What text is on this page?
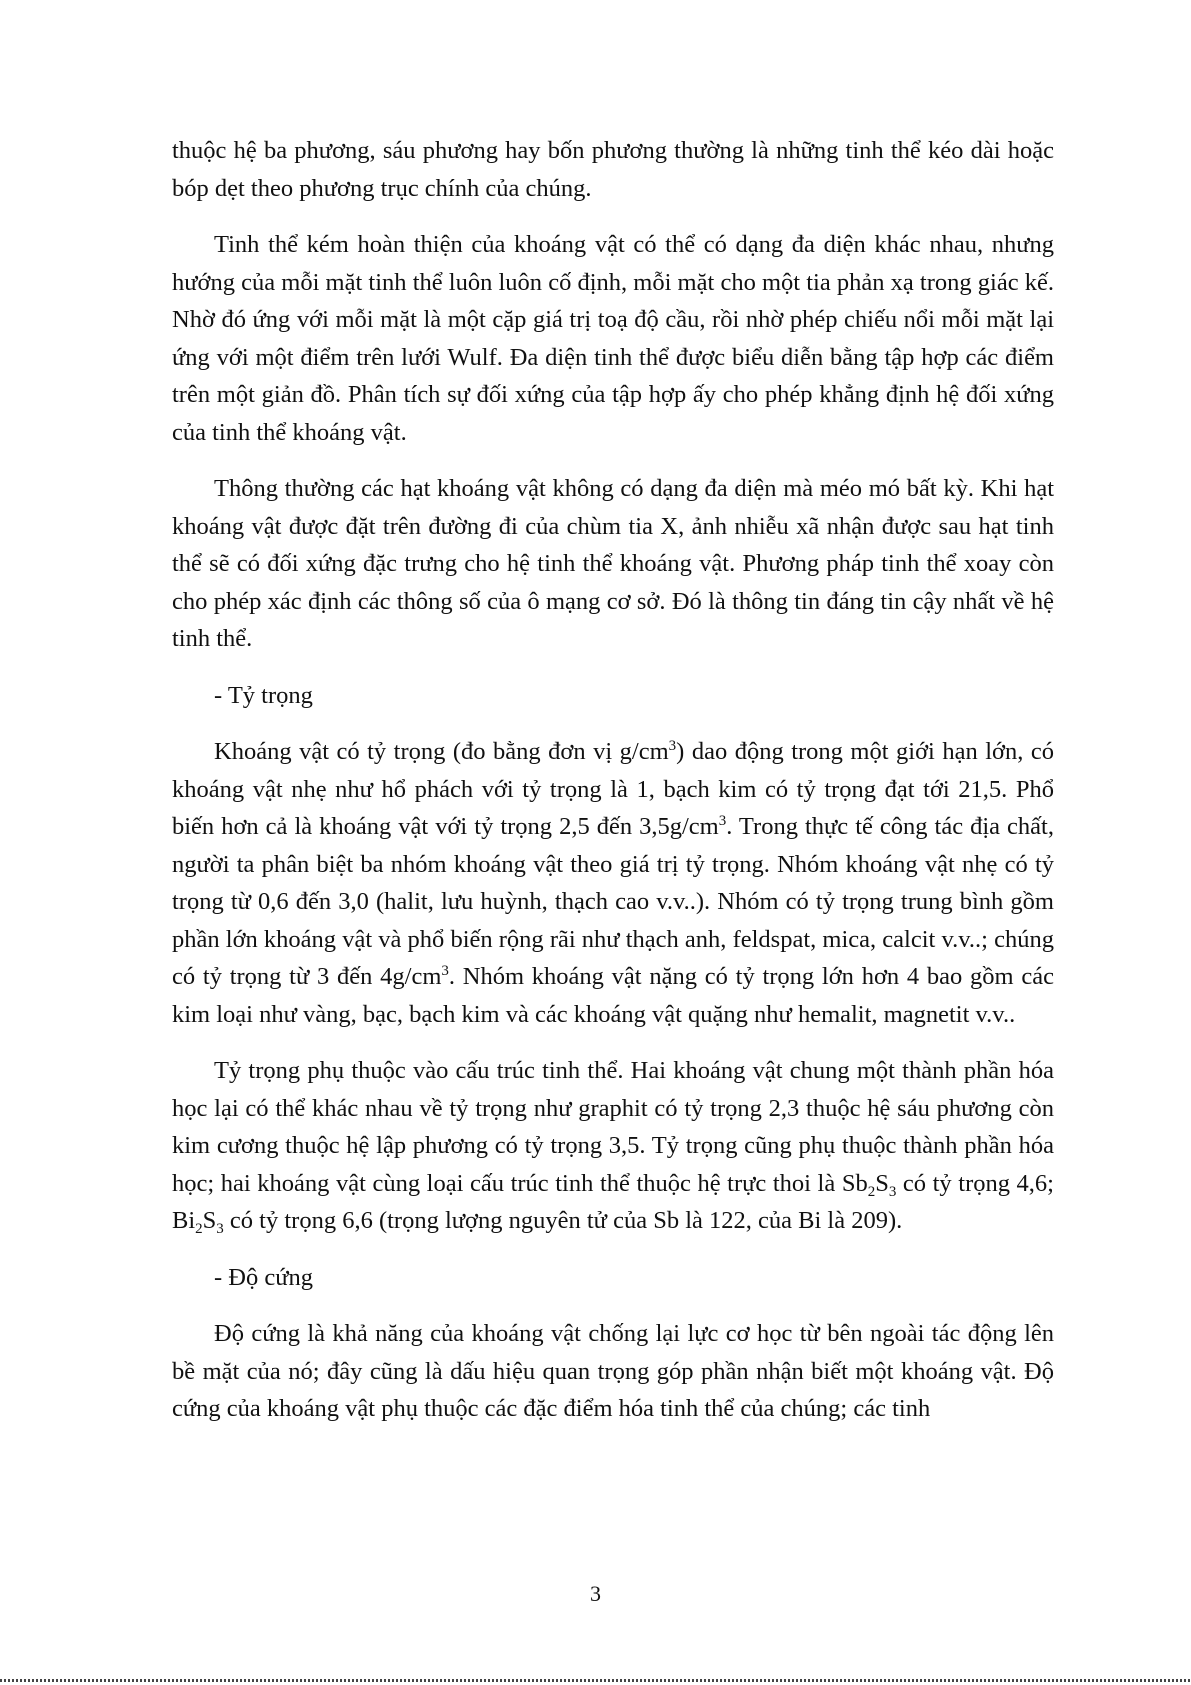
thuộc hệ ba phương, sáu phương hay bốn phương thường là những tinh thể kéo dài hoặc bóp dẹt theo phương trục chính của chúng.

Tinh thể kém hoàn thiện của khoáng vật có thể có dạng đa diện khác nhau, nhưng hướng của mỗi mặt tinh thể luôn luôn cố định, mỗi mặt cho một tia phản xạ trong giác kế. Nhờ đó ứng với mỗi mặt là một cặp giá trị toạ độ cầu, rồi nhờ phép chiếu nổi mỗi mặt lại ứng với một điểm trên lưới Wulf. Đa diện tinh thể được biểu diễn bằng tập hợp các điểm trên một giản đồ. Phân tích sự đối xứng của tập hợp ấy cho phép khẳng định hệ đối xứng của tinh thể khoáng vật.

Thông thường các hạt khoáng vật không có dạng đa diện mà méo mó bất kỳ. Khi hạt khoáng vật được đặt trên đường đi của chùm tia X, ảnh nhiễu xã nhận được sau hạt tinh thể sẽ có đối xứng đặc trưng cho hệ tinh thể khoáng vật. Phương pháp tinh thể xoay còn cho phép xác định các thông số của ô mạng cơ sở. Đó là thông tin đáng tin cậy nhất về hệ tinh thể.

- Tỷ trọng

Khoáng vật có tỷ trọng (đo bằng đơn vị $g/cm^3$) dao động trong một giới hạn lớn, có khoáng vật nhẹ như hổ phách với tỷ trọng là 1, bạch kim có tỷ trọng đạt tới 21,5. Phổ biến hơn cả là khoáng vật với tỷ trọng 2,5 đến $3,5g/cm^3$. Trong thực tế công tác địa chất, người ta phân biệt ba nhóm khoáng vật theo giá trị tỷ trọng. Nhóm khoáng vật nhẹ có tỷ trọng từ 0,6 đến 3,0 (halit, lưu huỳnh, thạch cao v.v..). Nhóm có tỷ trọng trung bình gồm phần lớn khoáng vật và phổ biến rộng rãi như thạch anh, feldspat, mica, calcit v.v..; chúng có tỷ trọng từ 3 đến $4g/cm^3$. Nhóm khoáng vật nặng có tỷ trọng lớn hơn 4 bao gồm các kim loại như vàng, bạc, bạch kim và các khoáng vật quặng như hemalit, magnetit v.v..

Tỷ trọng phụ thuộc vào cấu trúc tinh thể. Hai khoáng vật chung một thành phần hóa học lại có thể khác nhau về tỷ trọng như graphit có tỷ trọng 2,3 thuộc hệ sáu phương còn kim cương thuộc hệ lập phương có tỷ trọng 3,5. Tỷ trọng cũng phụ thuộc thành phần hóa học; hai khoáng vật cùng loại cấu trúc tinh thể thuộc hệ trực thoi là $Sb_2S_3$ có tỷ trọng 4,6; $Bi_2S_3$ có tỷ trọng 6,6 (trọng lượng nguyên tử của Sb là 122, của Bi là 209).

- Độ cứng

Độ cứng là khả năng của khoáng vật chống lại lực cơ học từ bên ngoài tác động lên bề mặt của nó; đây cũng là dấu hiệu quan trọng góp phần nhận biết một khoáng vật. Độ cứng của khoáng vật phụ thuộc các đặc điểm hóa tinh thể của chúng; các tinh

3
